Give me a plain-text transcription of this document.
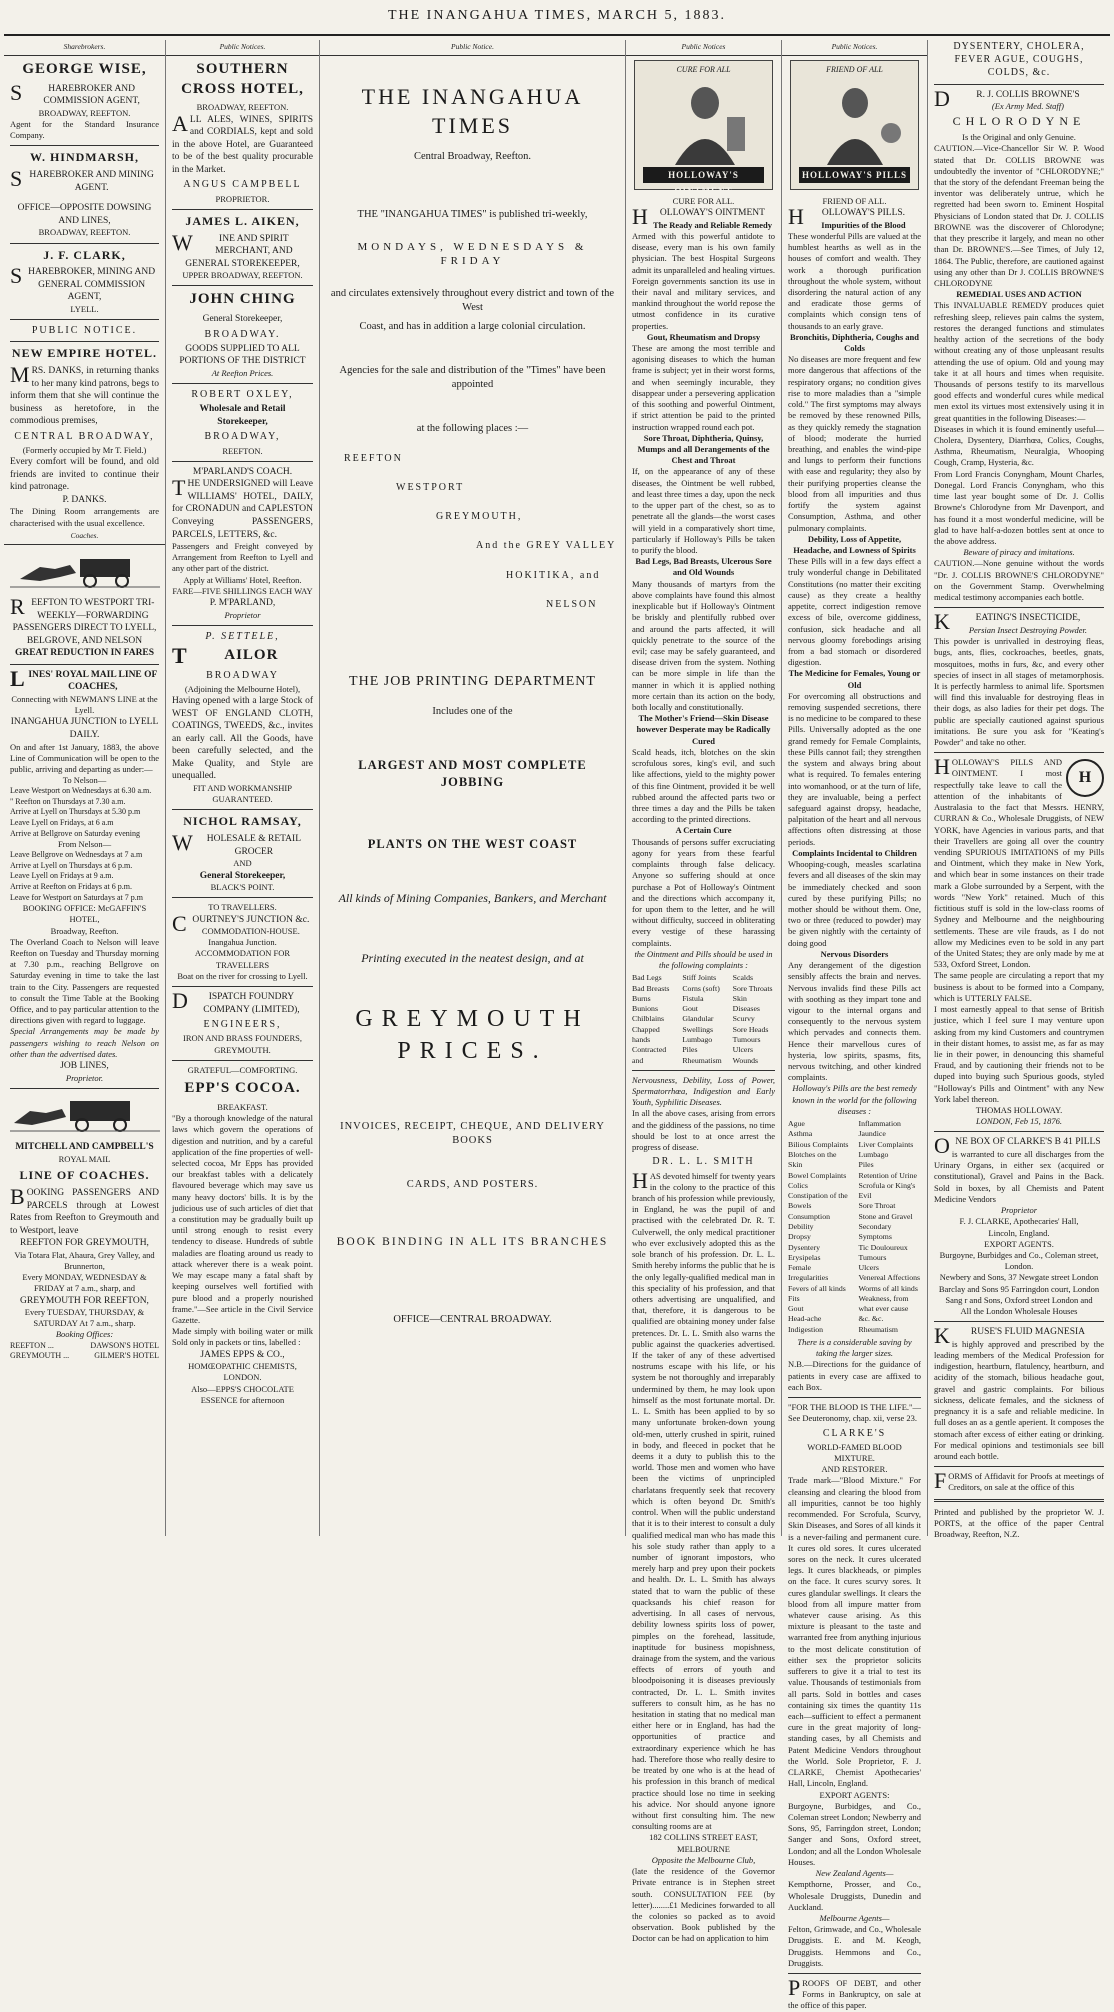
THE INANGAHUA TIMES, MARCH 5, 1883.
Sharebrokers.
GEORGE WISE,
SHAREBROKER AND COMMISSION AGENT,
BROADWAY, REEFTON.
Agent for the Standard Insurance Company.
W. HINDMARSH,
SHAREBROKER AND MINING AGENT.
OFFICE—OPPOSITE DOWSING AND LINES,
BROADWAY, REEFTON.
J. F. CLARK,
SHAREBROKER, MINING AND GENERAL COMMISSION AGENT,
LYELL.
PUBLIC NOTICE.
NEW EMPIRE HOTEL.
MRS. DANKS, in returning thanks to her many kind patrons, begs to inform them that she will continue the business as heretofore, in the commodious premises,
CENTRAL BROADWAY,
(Formerly occupied by Mr T. Field.)
Every comfort will be found, and old friends are invited to continue their kind patronage.
P. DANKS.
The Dining Room arrangements are characterised with the usual excellence.
Coaches.
REEFTON TO WESTPORT TRI-WEEKLY—FORWARDING PASSENGERS DIRECT TO LYELL, BELGROVE, AND NELSON
GREAT REDUCTION IN FARES
LINES' ROYAL MAIL LINE OF COACHES,
Connecting with NEWMAN'S LINE at the Lyell.
INANGAHUA JUNCTION to LYELL DAILY.
On and after 1st January, 1883, the above Line of Communication will be open to the public, arriving and departing as under:—
To Nelson—
Leave Westport on Wednesdays at 6.30 a.m.
" Reefton on Thursdays at 7.30 a.m.
Arrive at Lyell on Thursdays at 5.30 p.m
Leave Lyell on Fridays, at 6 a.m
Arrive at Bellgrove on Saturday evening
From Nelson—
Leave Bellgrove on Wednesdays at 7 a.m
Arrive at Lyell on Thursdays at 6 p.m.
Leave Lyell on Fridays at 9 a.m.
Arrive at Reefton on Fridays at 6 p.m.
Leave for Westport on Saturdays at 7 p.m
BOOKING OFFICE: McGAFFIN'S HOTEL,
Broadway, Reefton.
The Overland Coach to Nelson will leave Reefton on Tuesday and Thursday morning at 7.30 p.m., reaching Bellgrove on Saturday evening in time to take the last train to the City. Passengers are requested to consult the Time Table at the Booking Office, and to pay particular attention to the directions given with regard to luggage.
Special Arrangements may be made by passengers wishing to reach Nelson on other than the advertised dates.
JOB LINES,
Proprietor.
MITCHELL AND CAMPBELL'S
ROYAL MAIL
LINE OF COACHES.
BOOKING PASSENGERS AND PARCELS through at Lowest Rates from Reefton to Greymouth and to Westport, leave
REEFTON FOR GREYMOUTH,
Via Totara Flat, Ahaura, Grey Valley, and Brunnerton,
Every MONDAY, WEDNESDAY & FRIDAY at 7 a.m., sharp, and
GREYMOUTH FOR REEFTON,
Every TUESDAY, THURSDAY, & SATURDAY At 7 a.m., sharp.
Booking Offices:
REEFTON ...	DAWSON'S HOTEL
GREYMOUTH ...	GILMER'S HOTEL
Public Notices.
SOUTHERN CROSS HOTEL,
BROADWAY, REEFTON.
ALL ALES, WINES, SPIRITS and CORDIALS, kept and sold in the above Hotel, are Guaranteed to be of the best quality procurable in the Market.
ANGUS CAMPBELL
PROPRIETOR.
JAMES L. AIKEN,
WINE AND SPIRIT MERCHANT, AND GENERAL STOREKEEPER,
UPPER BROADWAY, REEFTON.
JOHN CHING
General Storekeeper,
BROADWAY.
GOODS SUPPLIED TO ALL PORTIONS OF THE DISTRICT
At Reefton Prices.
ROBERT OXLEY,
Wholesale and Retail
Storekeeper,
BROADWAY,
REEFTON.
M'PARLAND'S COACH.
THE UNDERSIGNED will Leave WILLIAMS' HOTEL, DAILY, for CRONADUN and CAPLESTON Conveying PASSENGERS, PARCELS, LETTERS, &c.
Passengers and Freight conveyed by Arrangement from Reefton to Lyell and any other part of the district.
Apply at Williams' Hotel, Reefton.
FARE—FIVE SHILLINGS EACH WAY
P. M'PARLAND,
Proprietor
P. SETTELE,
TAILOR
BROADWAY
(Adjoining the Melbourne Hotel),
Having opened with a large Stock of WEST OF ENGLAND CLOTH, COATINGS, TWEEDS, &c., invites an early call. All the Goods, have been carefully selected, and the Make Quality, and Style are unequalled.
FIT AND WORKMANSHIP GUARANTEED.
NICHOL RAMSAY,
WHOLESALE & RETAIL GROCER
AND
General Storekeeper,
BLACK'S POINT.
TO TRAVELLERS.
COURTNEY'S JUNCTION &c.
COMMODATION-HOUSE.
Inangahua Junction.
ACCOMMODATION FOR TRAVELLERS
Boat on the river for crossing to Lyell.
DISPATCH FOUNDRY COMPANY (LIMITED),
ENGINEERS,
IRON AND BRASS FOUNDERS,
GREYMOUTH.
GRATEFUL—COMFORTING.
EPP'S COCOA.
BREAKFAST.
"By a thorough knowledge of the natural laws which govern the operations of digestion and nutrition, and by a careful application of the fine properties of well-selected cocoa, Mr Epps has provided our breakfast tables with a delicately flavoured beverage which may save us many heavy doctors' bills. It is by the judicious use of such articles of diet that a constitution may be gradually built up until strong enough to resist every tendency to disease. Hundreds of subtle maladies are floating around us ready to attack wherever there is a weak point. We may escape many a fatal shaft by keeping ourselves well fortified with pure blood and a properly nourished frame."—See article in the Civil Service Gazette.
Made simply with boiling water or milk Sold only in packets or tins, labelled :
JAMES EPPS & CO.,
HOMŒOPATHIC CHEMISTS,
LONDON.
Also—EPPS'S CHOCOLATE ESSENCE for afternoon
Public Notice.
THE INANGAHUA TIMES
Central Broadway, Reefton.
THE "INANGAHUA TIMES" is published tri-weekly,
MONDAYS, WEDNESDAYS & FRIDAY
and circulates extensively throughout every district and town of the West
Coast, and has in addition a large colonial circulation.
Agencies for the sale and distribution of the "Times" have been appointed
at the following places :—
REEFTON
WESTPORT
GREYMOUTH,
And the GREY VALLEY
HOKITIKA, and
NELSON
THE JOB PRINTING DEPARTMENT
Includes one of the
LARGEST AND MOST COMPLETE JOBBING
PLANTS ON THE WEST COAST
All kinds of Mining Companies, Bankers, and Merchant
Printing executed in the neatest design, and at
GREYMOUTH PRICES.
INVOICES, RECEIPT, CHEQUE, AND DELIVERY BOOKS
CARDS, AND POSTERS.
BOOK BINDING IN ALL ITS BRANCHES
OFFICE—CENTRAL BROADWAY.
Public Notices
CURE FOR ALL
HOLLOWAY'S OINTMENT
CURE FOR ALL.
HOLLOWAY'S OINTMENT
The Ready and Reliable Remedy
Armed with this powerful antidote to disease, every man is his own family physician. The best Hospital Surgeons admit its unparalleled and healing virtues. Foreign governments sanction its use in their naval and military services, and mankind throughout the world repose the utmost confidence in its curative properties.
Gout, Rheumatism and Dropsy
These are among the most terrible and agonising diseases to which the human frame is subject; yet in their worst forms, and when seemingly incurable, they disappear under a persevering application of this soothing and powerful Ointment, if strict attention be paid to the printed instruction wrapped round each pot.
Sore Throat, Diphtheria, Quinsy, Mumps and all Derangements of the Chest and Throat
If, on the appearance of any of these diseases, the Ointment be well rubbed, and least three times a day, upon the neck to the upper part of the chest, so as to penetrate all the glands—the worst cases will yield in a comparatively short time, particularly if Holloway's Pills be taken to purify the blood.
Bad Legs, Bad Breasts, Ulcerous Sore and Old Wounds
Many thousands of martyrs from the above complaints have found this almost inexplicable but if Holloway's Ointment be briskly and plentifully rubbed over and around the parts affected, it will quickly penetrate to the source of the evil; case may be safely guaranteed, and disease driven from the system. Nothing can be more simple in life than the manner in which it is applied nothing more certain than its action on the body, both locally and constitutionally.
The Mother's Friend—Skin Disease however Desperate may be Radically Cured
Scald heads, itch, blotches on the skin scrofulous sores, king's evil, and such like affections, yield to the mighty power of this fine Ointment, provided it be well rubbed around the affected parts two or three times a day and the Pills be taken according to the printed directions.
A Certain Cure
Thousands of persons suffer excruciating agony for years from these fearful complaints through false delicacy. Anyone so suffering should at once purchase a Pot of Holloway's Ointment and the directions which accompany it, for upon them to the letter, and he will without difficulty, succeed in obliterating every vestige of these harassing complaints.
the Ointment and Pills should be used in the following complaints :
Bad Legs
Bad Breasts
Burns
Bunions
Chilblains
Chapped hands
Contracted and
Stiff Joints
Corns (soft)
Fistula
Gout
Glandular
Swellings
Lumbago
Piles
Rheumatism
Scalds
Sore Throats
Skin Diseases
Scurvy
Sore Heads
Tumours
Ulcers
Wounds
Nervousness, Debility, Loss of Power, Spermatorrhœa, Indigestion and Early Youth, Syphilitic Diseases.
In all the above cases, arising from errors and the giddiness of the passions, no time should be lost to at once arrest the progress of disease.
DR. L. L. SMITH
HAS devoted himself for twenty years in the colony to the practice of this branch of his profession while previously, in England, he was the pupil of and practised with the celebrated Dr. R. T. Culverwell, the only medical practitioner who ever exclusively adopted this as the sole branch of his profession. Dr. L. L. Smith hereby informs the public that he is the only legally-qualified medical man in this speciality of his profession, and that others advertising are unqualified, and that, therefore, it is dangerous to be qualified are obtaining money under false pretences. Dr. L. L. Smith also warns the public against the quackeries advertised. If the taker of any of these advertised nostrums escape with his life, or his system be not thoroughly and irreparably undermined by them, he may look upon himself as the most fortunate mortal. Dr. L. L. Smith has been applied to by so many unfortunate broken-down young old-men, utterly crushed in spirit, ruined in body, and fleeced in pocket that he deems it a duty to publish this to the world. Those men and women who have been the victims of unprincipled charlatans frequently seek that recovery which is often beyond Dr. Smith's control. When will the public understand that it is to their interest to consult a duly qualified medical man who has made this his sole study rather than apply to a number of ignorant impostors, who merely harp and prey upon their pockets and health. Dr. L. L. Smith has always stated that to warn the public of these quacksands his chief reason for advertising. In all cases of nervous, debility lowness spirits loss of power, pimples on the forehead, lassitude, inaptitude for business mopishness, drainage from the system, and the various effects of errors of youth and bloodpoisoning it is diseases previously contracted, Dr. L. L. Smith invites sufferers to consult him, as he has no hesitation in stating that no medical man either here or in England, has had the opportunities of practice and extraordinary experience which he has had. Therefore those who really desire to be treated by one who is at the head of his profession in this branch of medical practice should lose no time in seeking his advice. Nor should anyone ignore without first consulting him. The new consulting rooms are at
182 COLLINS STREET EAST, MELBOURNE
Opposite the Melbourne Club,
(late the residence of the Governor Private entrance is in Stephen street south. CONSULTATION FEE (by letter)........£1 Medicines forwarded to all the colonies so packed as to avoid observation. Book published by the Doctor can be had on application to him
Public Notices.
FRIEND OF ALL
HOLLOWAY'S PILLS
FRIEND OF ALL.
HOLLOWAY'S PILLS.
Impurities of the Blood
These wonderful Pills are valued at the humblest hearths as well as in the houses of comfort and wealth. They work a thorough purification throughout the whole system, without disordering the natural action of any and eradicate those germs of complaints which consign tens of thousands to an early grave.
Bronchitis, Diphtheria, Coughs and Colds
No diseases are more frequent and few more dangerous that affections of the respiratory organs; no condition gives rise to more maladies than a "simple cold." The first symptoms may always be removed by these renowned Pills, as they quickly remedy the stagnation of blood; moderate the hurried breathing, and enables the wind-pipe and lungs to perform their functions with ease and regularity; they also by their purifying properties cleanse the blood from all impurities and thus fortify the system against Consumption, Asthma, and other pulmonary complaints.
Debility, Loss of Appetite, Headache, and Lowness of Spirits
These Pills will in a few days effect a truly wonderful change in Debilitated Constitutions (no matter their exciting cause) as they create a healthy appetite, correct indigestion remove excess of bile, overcome giddiness, confusion, sick headache and all nervous gloomy forebodings arising from a bad stomach or disordered digestion.
The Medicine for Females, Young or Old
For overcoming all obstructions and removing suspended secretions, there is no medicine to be compared to these Pills. Universally adopted as the one grand remedy for Female Complaints, these Pills cannot fail; they strengthen the system and always bring about what is required. To females entering into womanhood, or at the turn of life, they are invaluable, being a perfect safeguard against dropsy, headache, palpitation of the heart and all nervous affections often distressing at those periods.
Complaints Incidental to Children
Whooping-cough, measles scarlatina fevers and all diseases of the skin may be immediately checked and soon cured by these purifying Pills; no mother should be without them. One, two or three (reduced to powder) may be given nightly with the certainty of doing good
Nervous Disorders
Any derangement of the digestion sensibly affects the brain and nerves. Nervous invalids find these Pills act with soothing as they impart tone and vigour to the internal organs and consequently to the nervous system which pervades and connects them. Hence their marvellous cures of hysteria, low spirits, spasms, fits, nervous twitching, and other kindred complaints.
Holloway's Pills are the best remedy known in the world for the following diseases :
Ague
Asthma
Bilious Complaints
Blotches on the Skin
Bowel Complaints
Colics
Constipation of the Bowels
Consumption
Debility
Dropsy
Dysentery
Erysipelas
Female Irregularities
Fevers of all kinds
Fits
Gout
Head-ache
Indigestion
Inflammation
Jaundice
Liver Complaints
Lumbago
Piles
Retention of Urine
Scrofula or King's Evil
Sore Throat
Stone and Gravel
Secondary Symptoms
Tic Douloureux
Tumours
Ulcers
Venereal Affections
Worms of all kinds
Weakness, from what ever cause
&c. &c.
Rheumatism
There is a considerable saving by taking the larger sizes.
N.B.—Directions for the guidance of patients in every case are affixed to each Box.
"FOR THE BLOOD IS THE LIFE."—See Deuteronomy, chap. xii, verse 23.
CLARKE'S
WORLD-FAMED BLOOD MIXTURE.
AND RESTORER.
Trade mark—"Blood Mixture." For cleansing and clearing the blood from all impurities, cannot be too highly recommended. For Scrofula, Scurvy, Skin Diseases, and Sores of all kinds it is a never-failing and permanent cure. It cures old sores. It cures ulcerated sores on the neck. It cures ulcerated legs. It cures blackheads, or pimples on the face. It cures scurvy sores. It cures glandular swellings. It clears the blood from all impure matter from whatever cause arising. As this mixture is pleasant to the taste and warranted free from anything injurious to the most delicate constitution of either sex the proprietor solicits sufferers to give it a trial to test its value. Thousands of testimonials from all parts. Sold in bottles and cases containing six times the quantity 11s each—sufficient to effect a permanent cure in the great majority of long-standing cases, by all Chemists and Patent Medicine Vendors throughout the World. Sole Proprietor, F. J. CLARKE, Chemist Apothecaries' Hall, Lincoln, England.
EXPORT AGENTS:
Burgoyne, Burbidges, and Co., Coleman street London; Newberry and Sons, 95, Farringdon street, London; Sanger and Sons, Oxford street, London; and all the London Wholesale Houses.
New Zealand Agents—
Kempthorne, Prosser, and Co., Wholesale Druggists, Dunedin and Auckland.
Melbourne Agents—
Felton, Grimwade, and Co., Wholesale Druggists. E. and M. Keogh, Druggists. Hemmons and Co., Druggists.
PROOFS OF DEBT, and other Forms in Bankruptcy, on sale at the office of this paper.
DYSENTERY, CHOLERA, FEVER AGUE, COUGHS, COLDS, &c.
DR. J. COLLIS BROWNE'S
(Ex Army Med. Staff)
CHLORODYNE
Is the Original and only Genuine.
CAUTION.—Vice-Chancellor Sir W. P. Wood stated that Dr. COLLIS BROWNE was undoubtedly the inventor of "CHLORODYNE;" that the story of the defendant Freeman being the inventor was deliberately untrue, which he regretted had been sworn to. Eminent Hospital Physicians of London stated that Dr. J. COLLIS BROWNE was the discoverer of Chlorodyne; that they prescribe it largely, and mean no other than Dr. BROWNE'S.—See Times, of July 12, 1864. The Public, therefore, are cautioned against using any other than Dr J. COLLIS BROWNE'S CHLORODYNE
REMEDIAL USES AND ACTION
This INVALUABLE REMEDY produces quiet refreshing sleep, relieves pain calms the system, restores the deranged functions and stimulates healthy action of the secretions of the body without creating any of those unpleasant results attending the use of opium. Old and young may take it at all hours and times when requisite. Thousands of persons testify to its marvellous good effects and wonderful cures while medical men extol its virtues most extensively using it in great quantities in the following Diseases:—
Diseases in which it is found eminently useful—Cholera, Dysentery, Diarrhœa, Colics, Coughs, Asthma, Rheumatism, Neuralgia, Whooping Cough, Cramp, Hysteria, &c.
From Lord Francis Conyngham, Mount Charles, Donegal. Lord Francis Conyngham, who this time last year bought some of Dr. J. Collis Browne's Chlorodyne from Mr Davenport, and has found it a most wonderful medicine, will be glad to have half-a-dozen bottles sent at once to the above address.
Beware of piracy and imitations.
CAUTION.—None genuine without the words "Dr. J. COLLIS BROWNE'S CHLORODYNE" on the Government Stamp. Overwhelming medical testimony accompanies each bottle.
KEATING'S INSECTICIDE,
Persian Insect Destroying Powder.
This powder is unrivalled in destroying fleas, bugs, ants, flies, cockroaches, beetles, gnats, mosquitoes, moths in furs, &c, and every other species of insect in all stages of metamorphosis. It is perfectly harmless to animal life. Sportsmen will find this invaluable for destroying fleas in their dogs, as also ladies for their pet dogs. The public are specially cautioned against spurious imitations. Be sure you ask for "Keating's Powder" and take no other.
H
HOLLOWAY'S PILLS AND OINTMENT. I most respectfully take leave to call the attention of the inhabitants of Australasia to the fact that Messrs. HENRY, CURRAN & Co., Wholesale Druggists, of NEW YORK, have Agencies in various parts, and that their Travellers are going all over the country vending SPURIOUS IMITATIONS of my Pills and Ointment, which they make in New York, and which bear in some instances on their trade mark a Globe surrounded by a Serpent, with the words "New York" retained. Much of this fictitious stuff is sold in the low-class rooms of Sydney and Melbourne and the neighbouring settlements. These are vile frauds, as I do not allow my Medicines even to be sold in any part of the United States; they are only made by me at 533, Oxford Street, London.
The same people are circulating a report that my business is about to be formed into a Company, which is UTTERLY FALSE.
I most earnestly appeal to that sense of British justice, which I feel sure I may venture upon asking from my kind Customers and countrymen in their distant homes, to assist me, as far as may lie in their power, in denouncing this shameful Fraud, and by cautioning their friends not to be duped into buying such Spurious goods, styled "Holloway's Pills and Ointment" with any New York label thereon.
THOMAS HOLLOWAY.
LONDON, Feb 15, 1876.
ONE BOX OF CLARKE'S B 41 PILLS
is warranted to cure all discharges from the Urinary Organs, in either sex (acquired or constitutional), Gravel and Pains in the Back. Sold in boxes, by all Chemists and Patent Medicine Vendors
Proprietor
F. J. CLARKE, Apothecaries' Hall,
Lincoln, England.
EXPORT AGENTS.
Burgoyne, Burbidges and Co., Coleman street, London.
Newbery and Sons, 37 Newgate street London
Barclay and Sons 95 Farringdon court, London
Sang r and Sons, Oxford street London and
All the London Wholesale Houses
KRUSE'S FLUID MAGNESIA
is highly approved and prescribed by the leading members of the Medical Profession for indigestion, heartburn, flatulency, heartburn, and acidity of the stomach, bilious headache gout, gravel and gastric complaints. For bilious sickness, delicate females, and the sickness of pregnancy it is a safe and reliable medicine. In full doses an as a gentle aperient. It composes the stomach after excess of either eating or drinking. For medical opinions and testimonials see bill around each bottle.
FORMS of Affidavit for Proofs at meetings of Creditors, on sale at the office of this
Printed and published by the proprietor W. J. PORTS, at the office of the paper Central Broadway, Reefton, N.Z.
